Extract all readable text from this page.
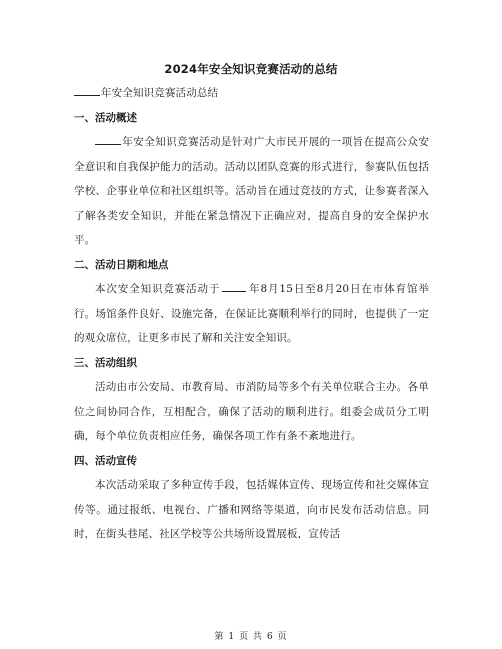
2024年安全知识竞赛活动的总结

年安全知识竞赛活动总结

一、活动概述

年安全知识竞赛活动是针对广大市民开展的一项旨在提高公众安全意识和自我保护能力的活动。活动以团队竞赛的形式进行，参赛队伍包括学校、企事业单位和社区组织等。活动旨在通过竞技的方式，让参赛者深入了解各类安全知识，并能在紧急情况下正确应对，提高自身的安全保护水平。

二、活动日期和地点

本次安全知识竞赛活动于	年8月15日至8月20日在市体育馆举行。场馆条件良好、设施完备，在保证比赛顺利举行的同时，也提供了一定的观众席位，让更多市民了解和关注安全知识。

三、活动组织

活动由市公安局、市教育局、市消防局等多个有关单位联合主办。各单位之间协同合作，互相配合，确保了活动的顺利进行。组委会成员分工明确，每个单位负责相应任务，确保各项工作有条不紊地进行。

四、活动宣传

本次活动采取了多种宣传手段，包括媒体宣传、现场宣传和社交媒体宣传等。通过报纸、电视台、广播和网络等渠道，向市民发布活动信息。同时，在街头巷尾、社区学校等公共场所设置展板，宣传活

第 1 页 共 6 页
